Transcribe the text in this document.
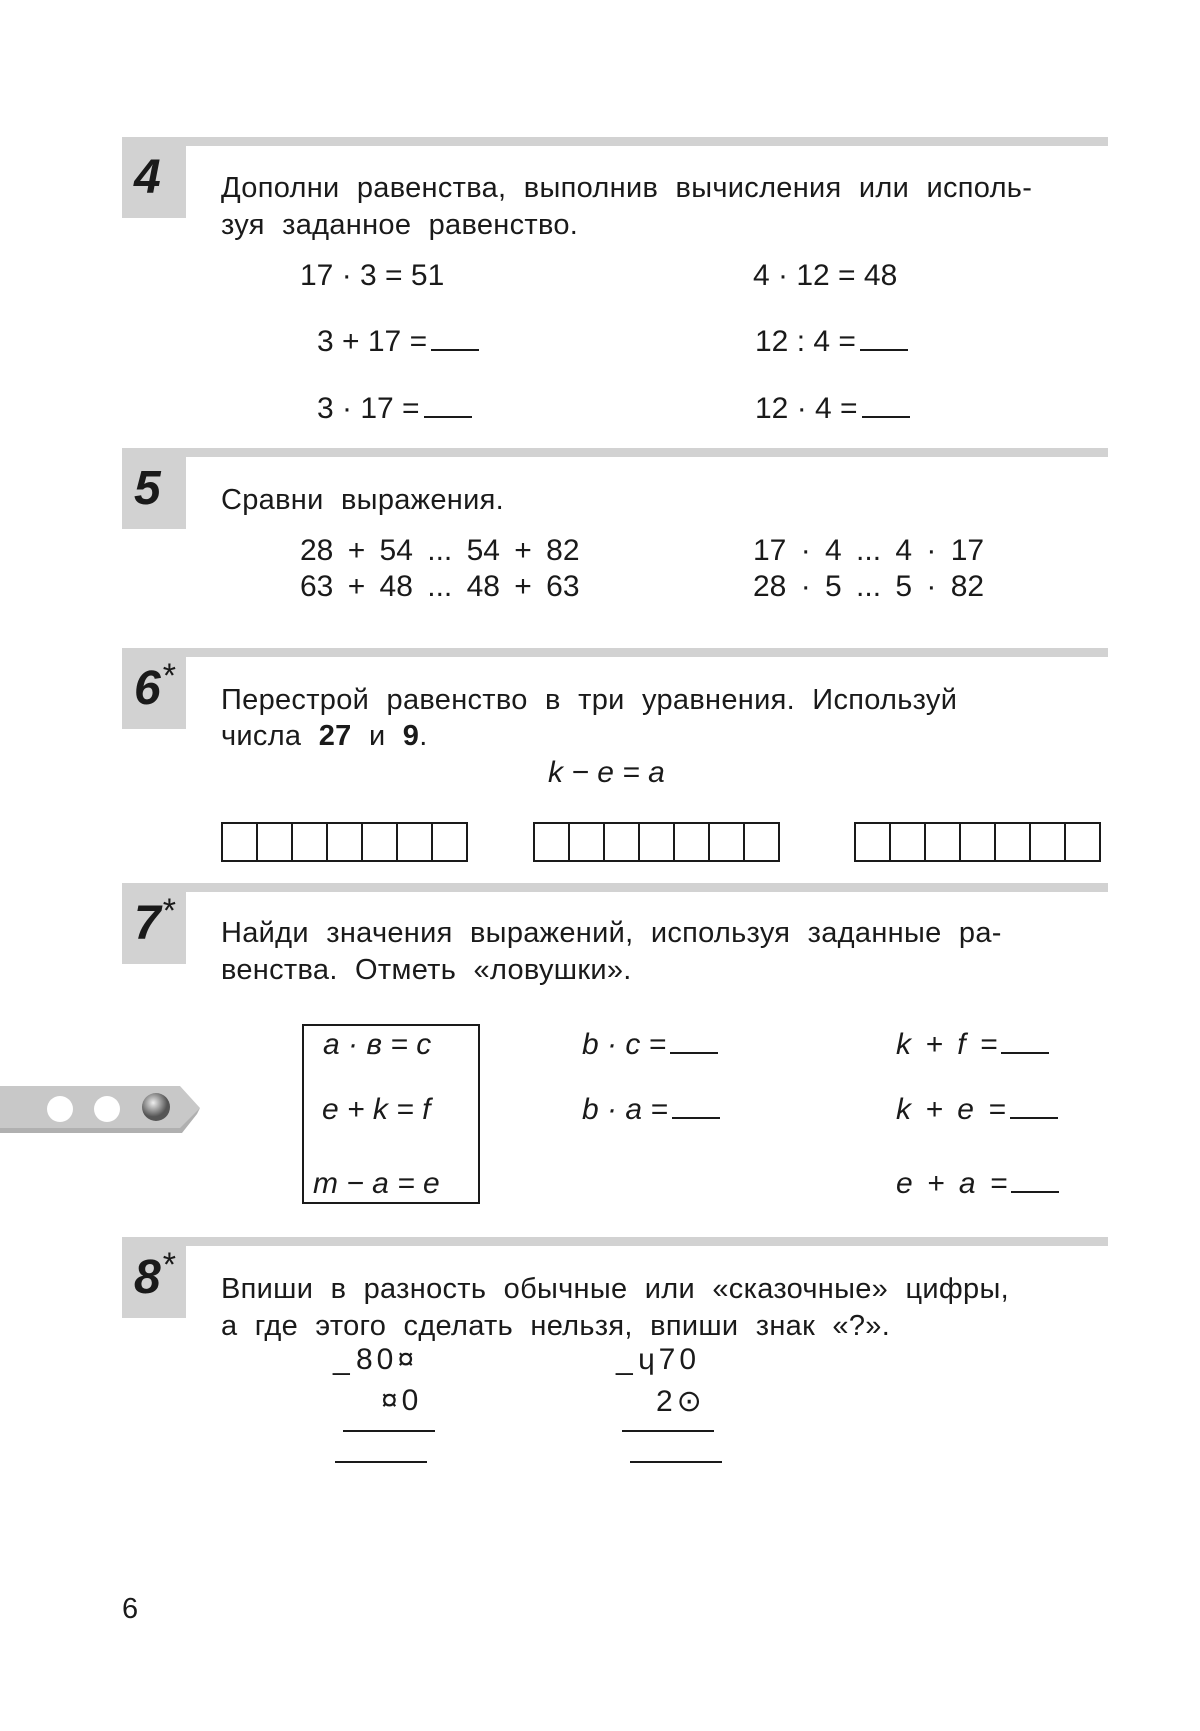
4 Дополни равенства, выполнив вычисления или исполь-
зуя заданное равенство.
17 · 3 = 51
3 + 17 =
3 · 17 =
4 · 12 = 48
12 : 4 =
12 · 4 =
5 Сравни выражения.
28 + 54 ... 54 + 82
63 + 48 ... 48 + 63
17 · 4 ... 4 · 17
28 · 5 ... 5 · 82
6*
Перестрой равенство в три уравнения. Используй
числа 27 и 9.
k − e = a
7*
Найди значения выражений, используя заданные ра-
венства. Отметь «ловушки».
a · в = c
e + k = f
m − a = e
b · c =
b · a =
k + f =
k + e =
e + a =
8*
Впиши в разность обычные или «сказочные» цифры,
а где этого сделать нельзя, впиши знак «?».
_ 80¤
¤0
_ ɥ70
2⊙
6
